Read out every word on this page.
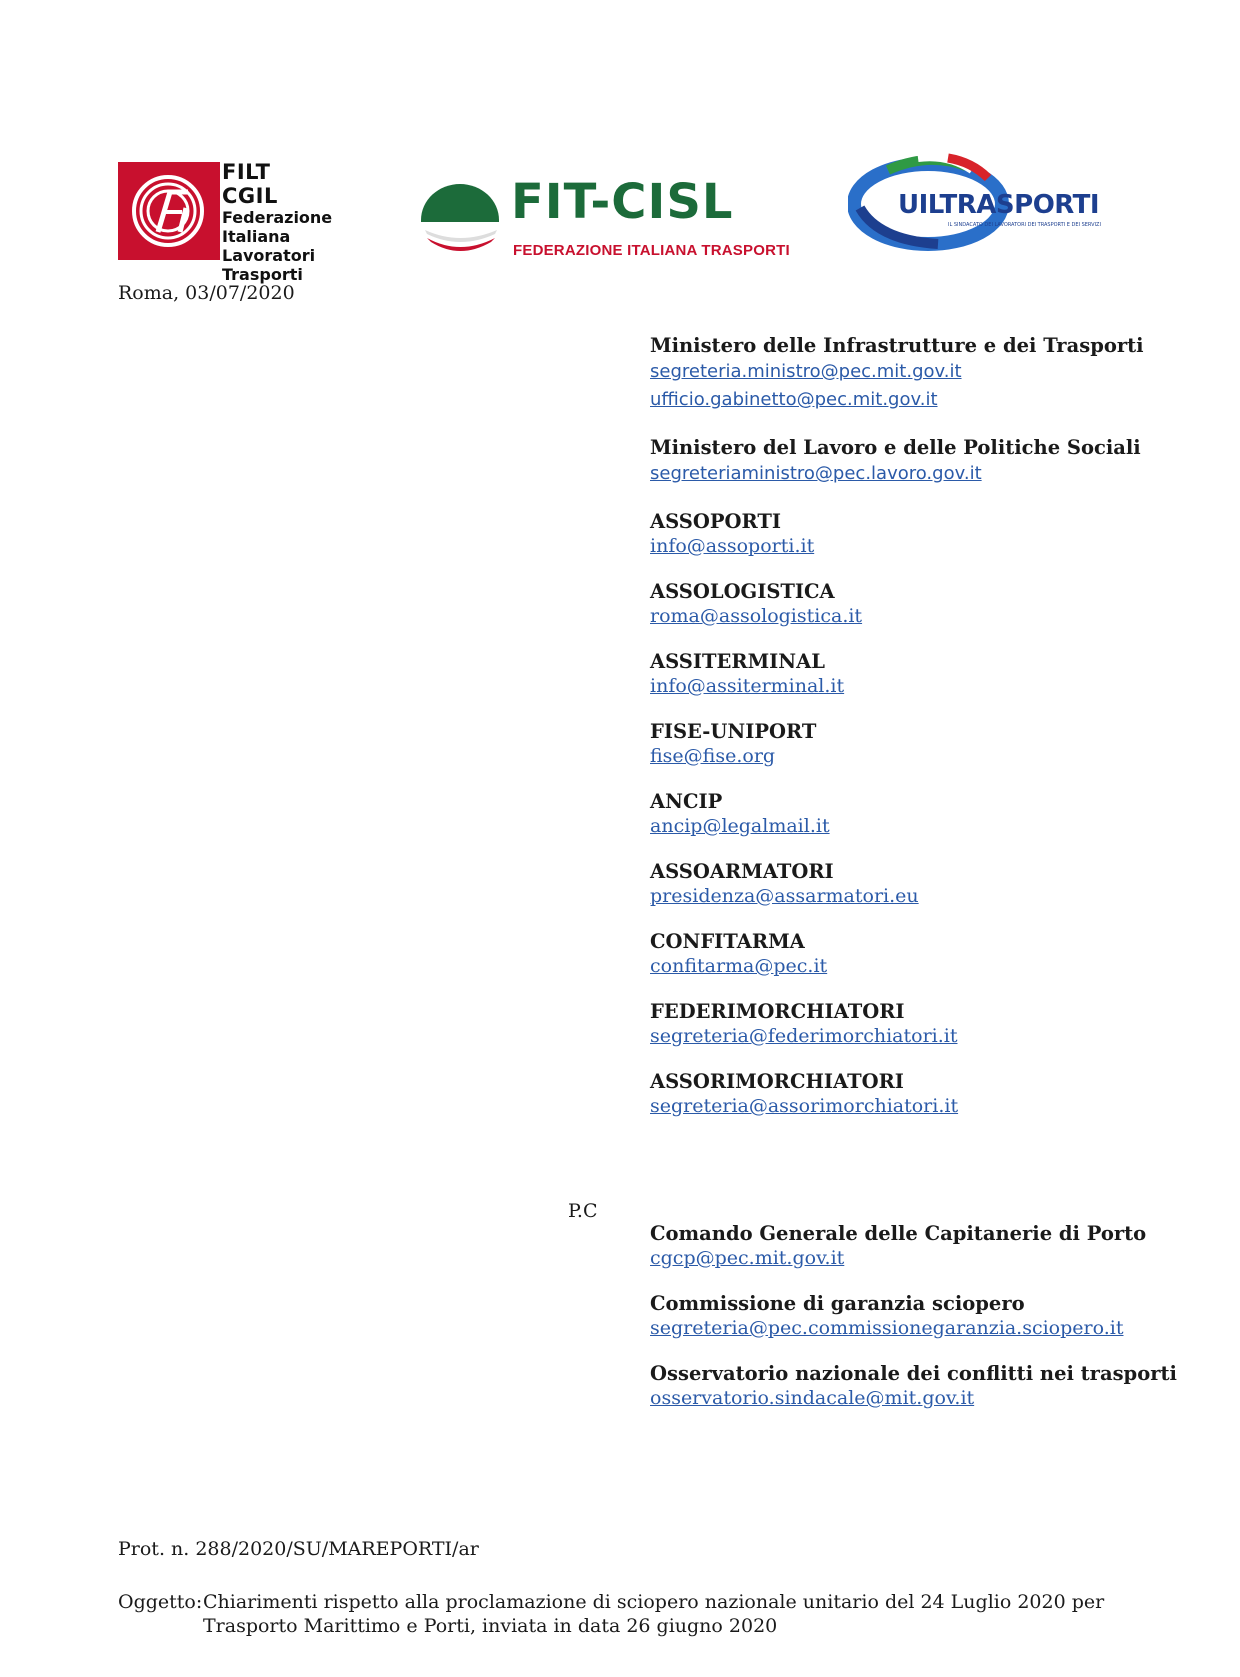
FILT CGIL
Federazione
Italiana
Lavoratori
Trasporti
FIT-CISL
FEDERAZIONE ITALIANA TRASPORTI
UILTRASPORTI
IL SINDACATO DEI LAVORATORI DEI TRASPORTI E DEI SERVIZI
Roma, 03/07/2020
Ministero delle Infrastrutture e dei Trasporti
segreteria.ministro@pec.mit.gov.it
ufficio.gabinetto@pec.mit.gov.it
Ministero del Lavoro e delle Politiche Sociali
segreteriaministro@pec.lavoro.gov.it
ASSOPORTI
info@assoporti.it
ASSOLOGISTICA
roma@assologistica.it
ASSITERMINAL
info@assiterminal.it
FISE-UNIPORT
fise@fise.org
ANCIP
ancip@legalmail.it
ASSOARMATORI
presidenza@assarmatori.eu
CONFITARMA
confitarma@pec.it
FEDERIMORCHIATORI
segreteria@federimorchiatori.it
ASSORIMORCHIATORI
segreteria@assorimorchiatori.it
P.C
Comando Generale delle Capitanerie di Porto
cgcp@pec.mit.gov.it
Commissione di garanzia sciopero
segreteria@pec.commissionegaranzia.sciopero.it
Osservatorio nazionale dei conflitti nei trasporti
osservatorio.sindacale@mit.gov.it
Prot. n. 288/2020/SU/MAREPORTI/ar
Oggetto: Chiarimenti rispetto alla proclamazione di sciopero nazionale unitario del 24 Luglio 2020 per
Trasporto Marittimo e Porti, inviata in data 26 giugno 2020
